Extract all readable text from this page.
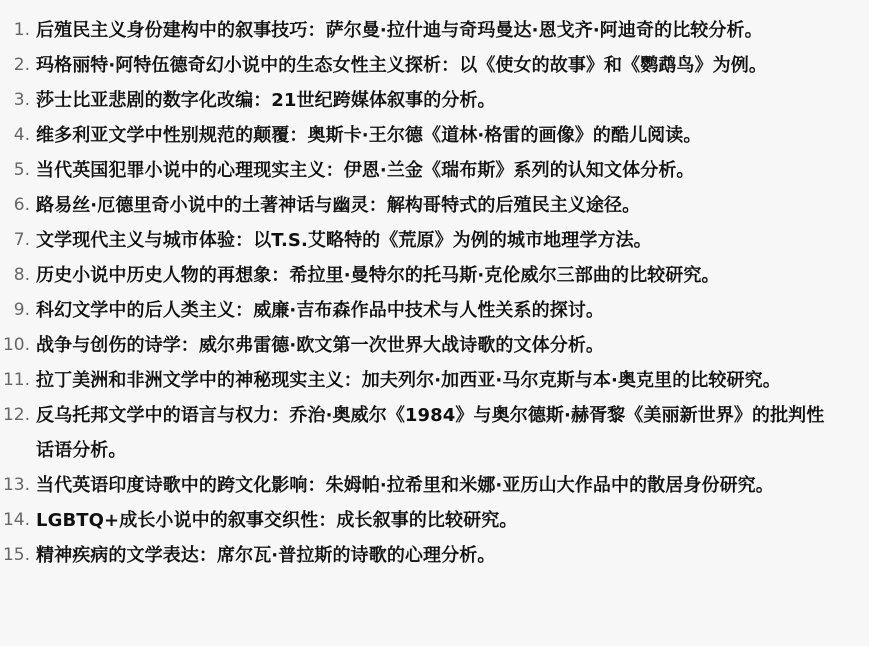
1. 后殖民主义身份建构中的叙事技巧：萨尔曼·拉什迪与奇玛曼达·恩戈齐·阿迪奇的比较分析。
2. 玛格丽特·阿特伍德奇幻小说中的生态女性主义探析：以《使女的故事》和《鹦鹉鸟》为例。
3. 莎士比亚悲剧的数字化改编：21世纪跨媒体叙事的分析。
4. 维多利亚文学中性别规范的颠覆：奥斯卡·王尔德《道林·格雷的画像》的酷儿阅读。
5. 当代英国犯罪小说中的心理现实主义：伊恩·兰金《瑞布斯》系列的认知文体分析。
6. 路易丝·厄德里奇小说中的土著神话与幽灵：解构哥特式的后殖民主义途径。
7. 文学现代主义与城市体验：以T.S.艾略特的《荒原》为例的城市地理学方法。
8. 历史小说中历史人物的再想象：希拉里·曼特尔的托马斯·克伦威尔三部曲的比较研究。
9. 科幻文学中的后人类主义：威廉·吉布森作品中技术与人性关系的探讨。
10. 战争与创伤的诗学：威尔弗雷德·欧文第一次世界大战诗歌的文体分析。
11. 拉丁美洲和非洲文学中的神秘现实主义：加夫列尔·加西亚·马尔克斯与本·奥克里的比较研究。
12. 反乌托邦文学中的语言与权力：乔治·奥威尔《1984》与奥尔德斯·赫胥黎《美丽新世界》的批判性话语分析。
13. 当代英语印度诗歌中的跨文化影响：朱姆帕·拉希里和米娜·亚历山大作品中的散居身份研究。
14. LGBTQ+成长小说中的叙事交织性：成长叙事的比较研究。
15. 精神疾病的文学表达：席尔瓦·普拉斯的诗歌的心理分析。
